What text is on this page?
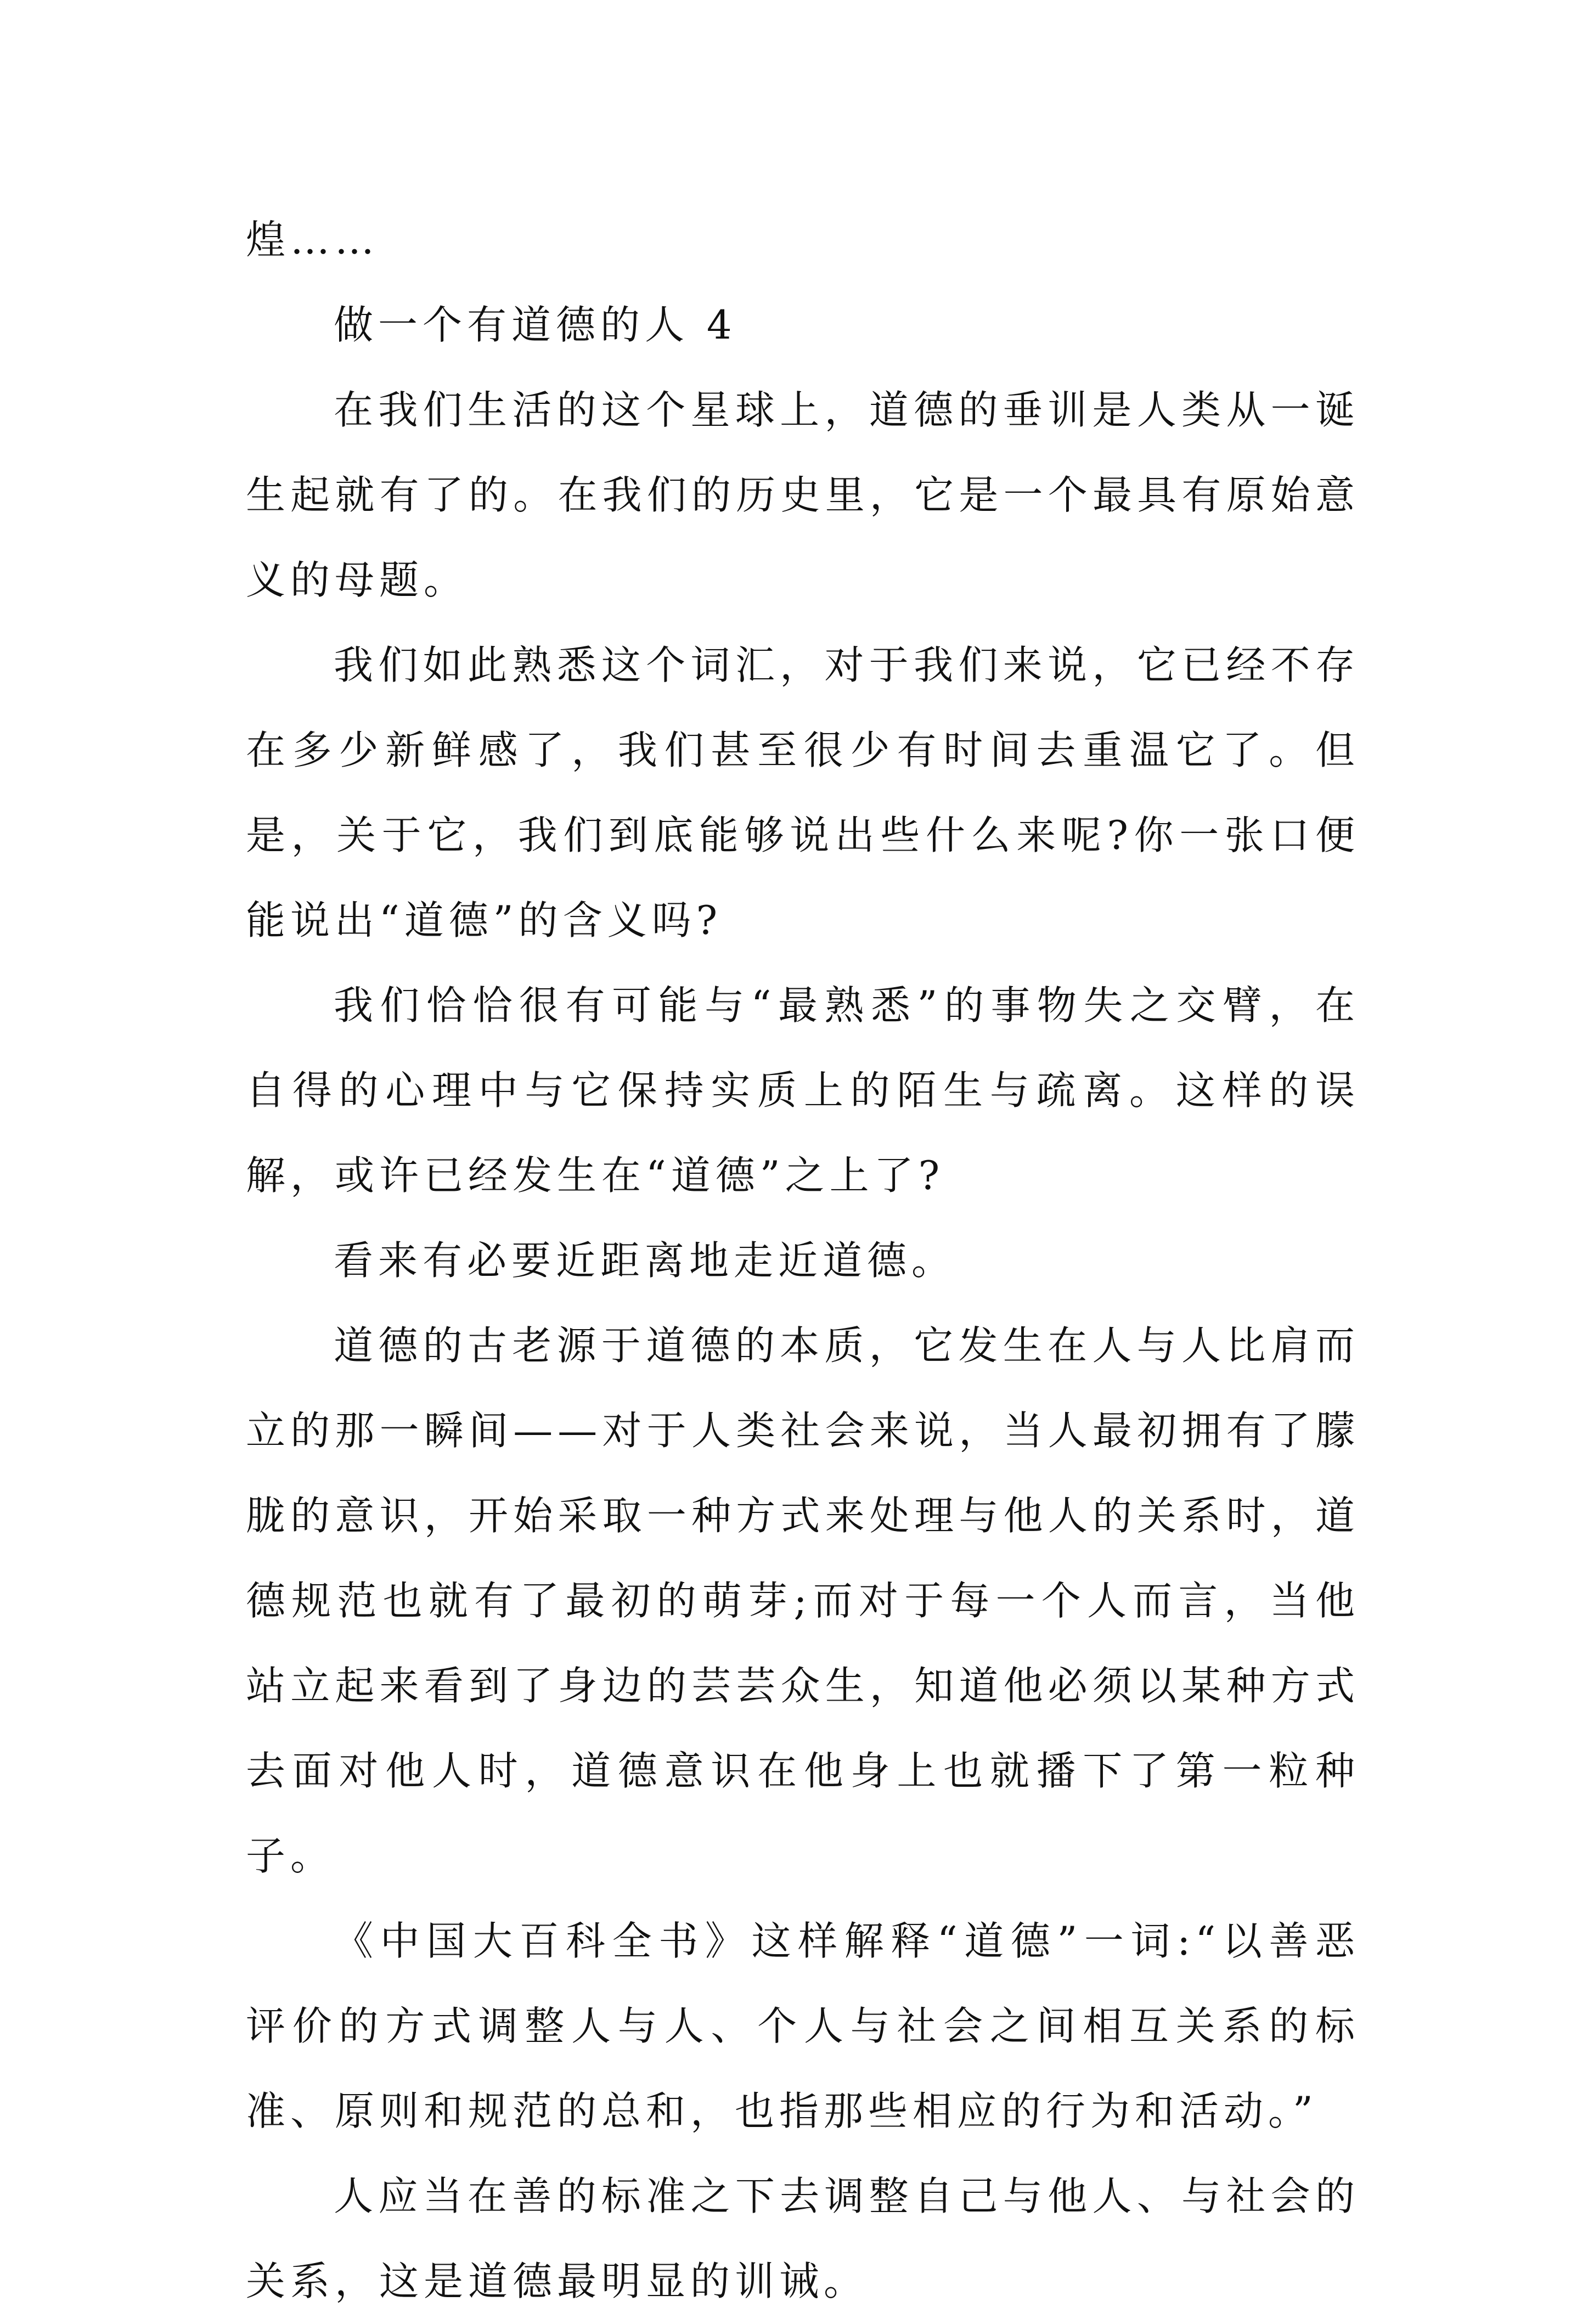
煌……

做一个有道德的人 4

在我们生活的这个星球上，道德的垂训是人类从一诞生起就有了的。在我们的历史里，它是一个最具有原始意义的母题。

我们如此熟悉这个词汇，对于我们来说，它已经不存在多少新鲜感了，我们甚至很少有时间去重温它了。但是，关于它，我们到底能够说出些什么来呢?你一张口便能说出“道德”的含义吗?

我们恰恰很有可能与“最熟悉”的事物失之交臂，在自得的心理中与它保持实质上的陌生与疏离。这样的误解，或许已经发生在“道德”之上了?

看来有必要近距离地走近道德。

道德的古老源于道德的本质，它发生在人与人比肩而立的那一瞬间——对于人类社会来说，当人最初拥有了朦胧的意识，开始采取一种方式来处理与他人的关系时，道德规范也就有了最初的萌芽;而对于每一个人而言，当他站立起来看到了身边的芸芸众生，知道他必须以某种方式去面对他人时，道德意识在他身上也就播下了第一粒种子。

《中国大百科全书》这样解释“道德”一词:“以善恶评价的方式调整人与人、个人与社会之间相互关系的标准、原则和规范的总和，也指那些相应的行为和活动。”

人应当在善的标准之下去调整自己与他人、与社会的关系，这是道德最明显的训诫。
